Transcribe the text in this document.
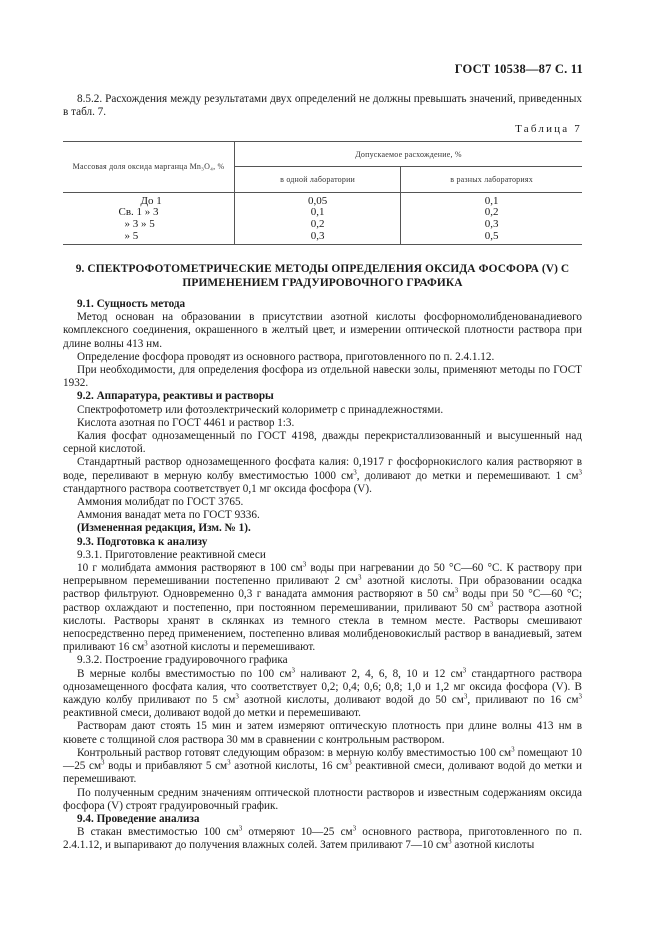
ГОСТ 10538—87 С. 11

8.5.2. Расхождения между результатами двух определений не должны превышать значений, приведенных в табл. 7.

Таблица 7
Массовая доля оксида марганца Mn₃O₄, %	Допускаемое расхождение, %	
	в одной лаборатории	в разных лабораториях
До 1	0,05	0,1
Св. 1 » 3	0,1	0,2
» 3 » 5	0,2	0,3
» 5	0,3	0,5
9. СПЕКТРОФОТОМЕТРИЧЕСКИЕ МЕТОДЫ ОПРЕДЕЛЕНИЯ ОКСИДА ФОСФОРА (V) С ПРИМЕНЕНИЕМ ГРАДУИРОВОЧНОГО ГРАФИКА

9.1. Сущность метода

Метод основан на образовании в присутствии азотной кислоты фосфорномолибденованадиевого комплексного соединения, окрашенного в желтый цвет, и измерении оптической плотности раствора при длине волны 413 нм.

Определение фосфора проводят из основного раствора, приготовленного по п. 2.4.1.12.

При необходимости, для определения фосфора из отдельной навески золы, применяют методы по ГОСТ 1932.

9.2. Аппаратура, реактивы и растворы

Спектрофотометр или фотоэлектрический колориметр с принадлежностями.

Кислота азотная по ГОСТ 4461 и раствор 1:3.

Калия фосфат однозамещенный по ГОСТ 4198, дважды перекристаллизованный и высушенный над серной кислотой.

Стандартный раствор однозамещенного фосфата калия: 0,1917 г фосфорнокислого калия растворяют в воде, переливают в мерную колбу вместимостью 1000 $см^3$, доливают до метки и перемешивают. 1 $см^3$ стандартного раствора соответствует 0,1 мг оксида фосфора (V).

Аммония молибдат по ГОСТ 3765.

Аммония ванадат мета по ГОСТ 9336.

(Измененная редакция, Изм. № 1).

9.3. Подготовка к анализу

9.3.1. Приготовление реактивной смеси

10 г молибдата аммония растворяют в 100 $см^3$ воды при нагревании до 50 °С—60 °С. К раствору при непрерывном перемешивании постепенно приливают 2 $см^3$ азотной кислоты. При образовании осадка раствор фильтруют. Одновременно 0,3 г ванадата аммония растворяют в 50 $см^3$ воды при 50 °С—60 °С; раствор охлаждают и постепенно, при постоянном перемешивании, приливают 50 $см^3$ раствора азотной кислоты. Растворы хранят в склянках из темного стекла в темном месте. Растворы смешивают непосредственно перед применением, постепенно вливая молибденовокислый раствор в ванадиевый, затем приливают 16 $см^3$ азотной кислоты и перемешивают.

9.3.2. Построение градуировочного графика

В мерные колбы вместимостью по 100 $см^3$ наливают 2, 4, 6, 8, 10 и 12 $см^3$ стандартного раствора однозамещенного фосфата калия, что соответствует 0,2; 0,4; 0,6; 0,8; 1,0 и 1,2 мг оксида фосфора (V). В каждую колбу приливают по 5 $см^3$ азотной кислоты, доливают водой до 50 $см^3$, приливают по 16 $см^3$ реактивной смеси, доливают водой до метки и перемешивают.

Растворам дают стоять 15 мин и затем измеряют оптическую плотность при длине волны 413 нм в кювете с толщиной слоя раствора 30 мм в сравнении с контрольным раствором.

Контрольный раствор готовят следующим образом: в мерную колбу вместимостью 100 $см^3$ помещают 10—25 $см^3$ воды и прибавляют 5 $см^3$ азотной кислоты, 16 $см^3$ реактивной смеси, доливают водой до метки и перемешивают.

По полученным средним значениям оптической плотности растворов и известным содержаниям оксида фосфора (V) строят градуировочный график.

9.4. Проведение анализа

В стакан вместимостью 100 $см^3$ отмеряют 10—25 $см^3$ основного раствора, приготовленного по п. 2.4.1.12, и выпаривают до получения влажных солей. Затем приливают 7—10 $см^3$ азотной кислоты
